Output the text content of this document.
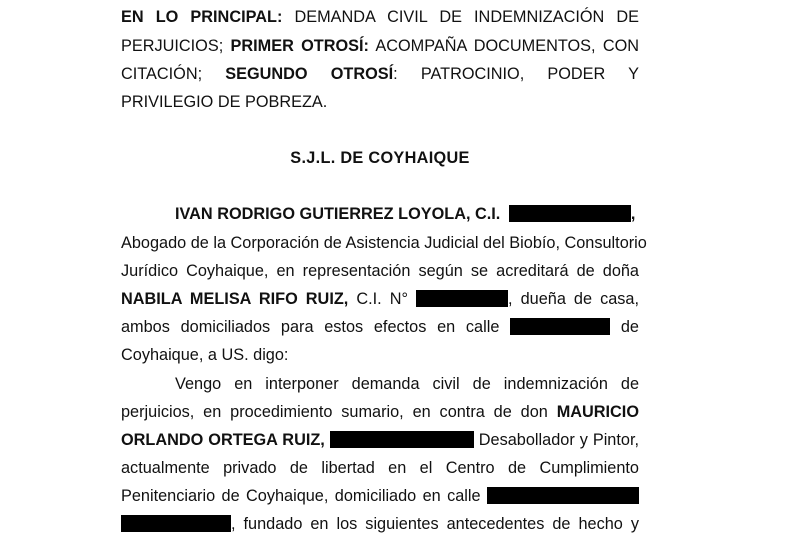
EN LO PRINCIPAL: DEMANDA CIVIL DE INDEMNIZACIÓN DE
PERJUICIOS; PRIMER OTROSÍ: ACOMPAÑA DOCUMENTOS, CON
CITACIÓN; SEGUNDO OTROSÍ: PATROCINIO, PODER Y
PRIVILEGIO DE POBREZA.
S.J.L. DE COYHAIQUE
IVAN RODRIGO GUTIERREZ LOYOLA, C.I.	,
Abogado de la Corporación de Asistencia Judicial del Biobío, Consultorio
Jurídico Coyhaique, en representación según se acreditará de doña
NABILA MELISA RIFO RUIZ, C.I. N°	, dueña de casa,
ambos domiciliados para estos efectos en calle	de
Coyhaique, a US. digo:
Vengo en interponer demanda civil de indemnización de
perjuicios, en procedimiento sumario, en contra de don MAURICIO
ORLANDO ORTEGA RUIZ,	Desabollador y Pintor,
actualmente privado de libertad en el Centro de Cumplimiento
Penitenciario de Coyhaique, domiciliado en calle
, fundado en los siguientes antecedentes de hecho y
